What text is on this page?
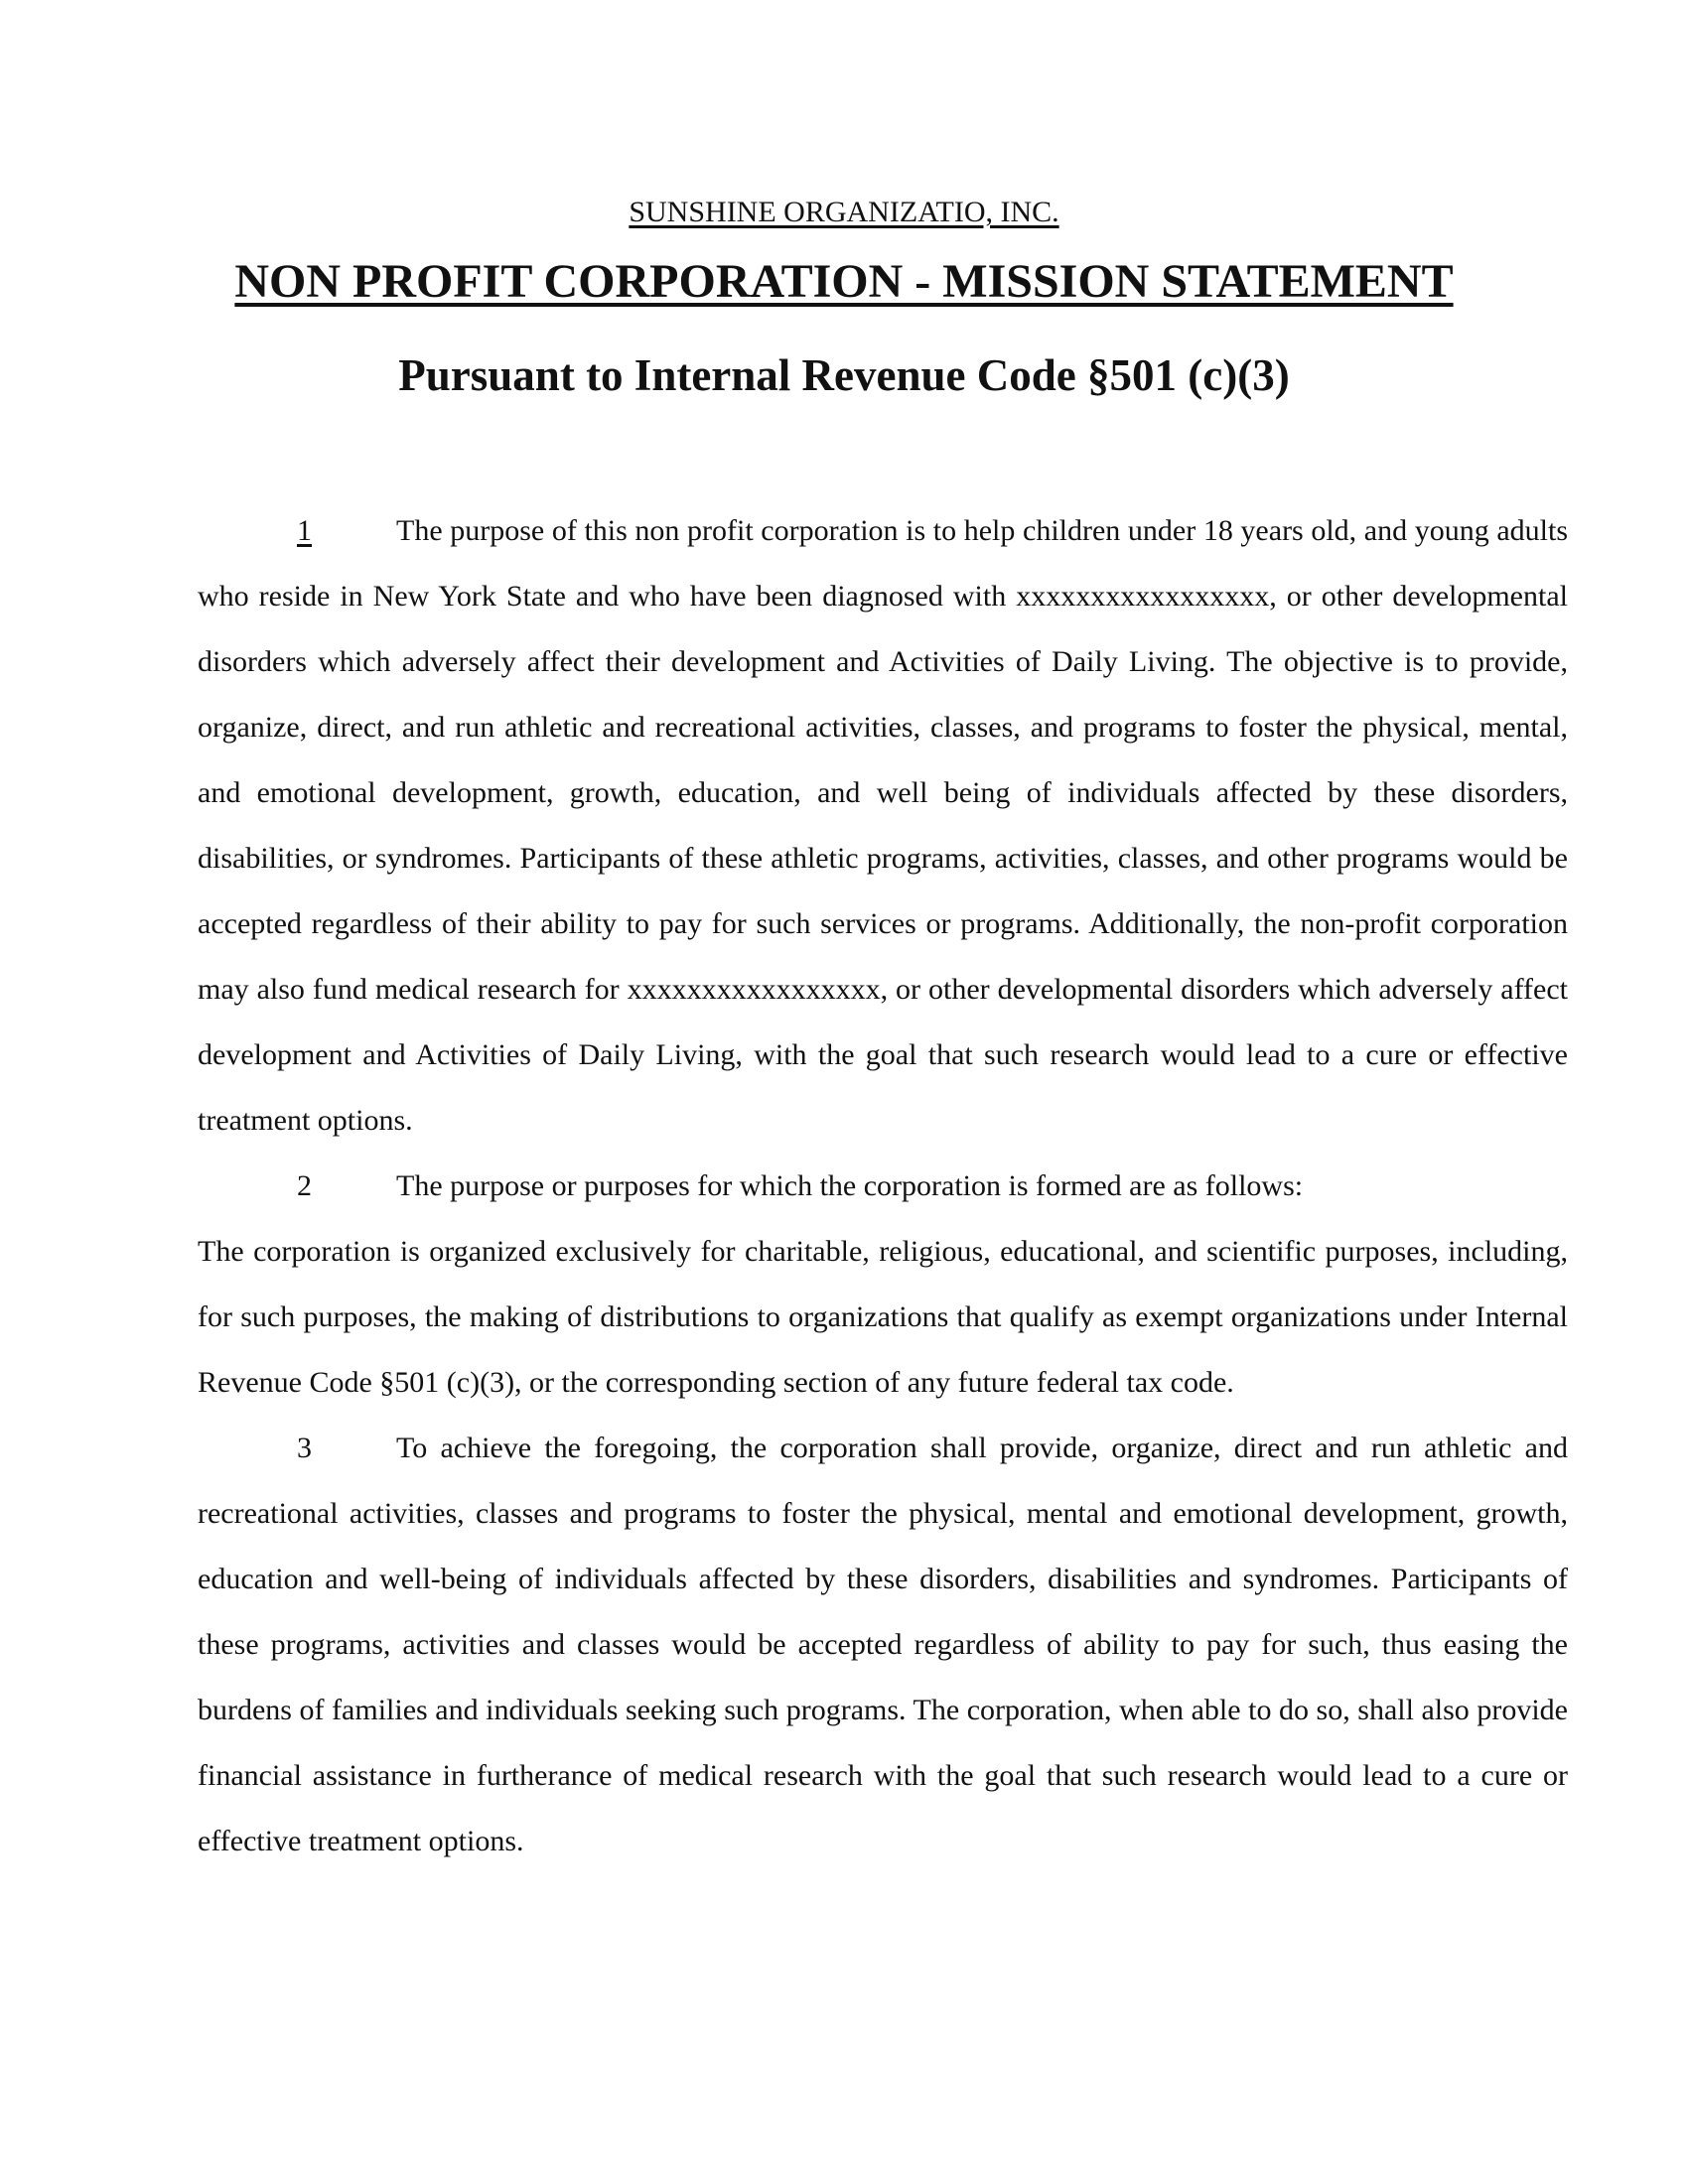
SUNSHINE ORGANIZATIO, INC.
NON PROFIT CORPORATION - MISSION STATEMENT
Pursuant to Internal Revenue Code §501 (c)(3)

1	The purpose of this non profit corporation is to help children under 18 years old, and young adults who reside in New York State and who have been diagnosed with xxxxxxxxxxxxxxxxx, or other developmental disorders which adversely affect their development and Activities of Daily Living. The objective is to provide, organize, direct, and run athletic and recreational activities, classes, and programs to foster the physical, mental, and emotional development, growth, education, and well being of individuals affected by these disorders, disabilities, or syndromes. Participants of these athletic programs, activities, classes, and other programs would be accepted regardless of their ability to pay for such services or programs. Additionally, the non-profit corporation may also fund medical research for xxxxxxxxxxxxxxxxx, or other developmental disorders which adversely affect development and Activities of Daily Living, with the goal that such research would lead to a cure or effective treatment options.

2	The purpose or purposes for which the corporation is formed are as follows:

The corporation is organized exclusively for charitable, religious, educational, and scientific purposes, including, for such purposes, the making of distributions to organizations that qualify as exempt organizations under Internal Revenue Code §501 (c)(3), or the corresponding section of any future federal tax code.

3	To achieve the foregoing, the corporation shall provide, organize, direct and run athletic and recreational activities, classes and programs to foster the physical, mental and emotional development, growth, education and well-being of individuals affected by these disorders, disabilities and syndromes. Participants of these programs, activities and classes would be accepted regardless of ability to pay for such, thus easing the burdens of families and individuals seeking such programs. The corporation, when able to do so, shall also provide financial assistance in furtherance of medical research with the goal that such research would lead to a cure or effective treatment options.
